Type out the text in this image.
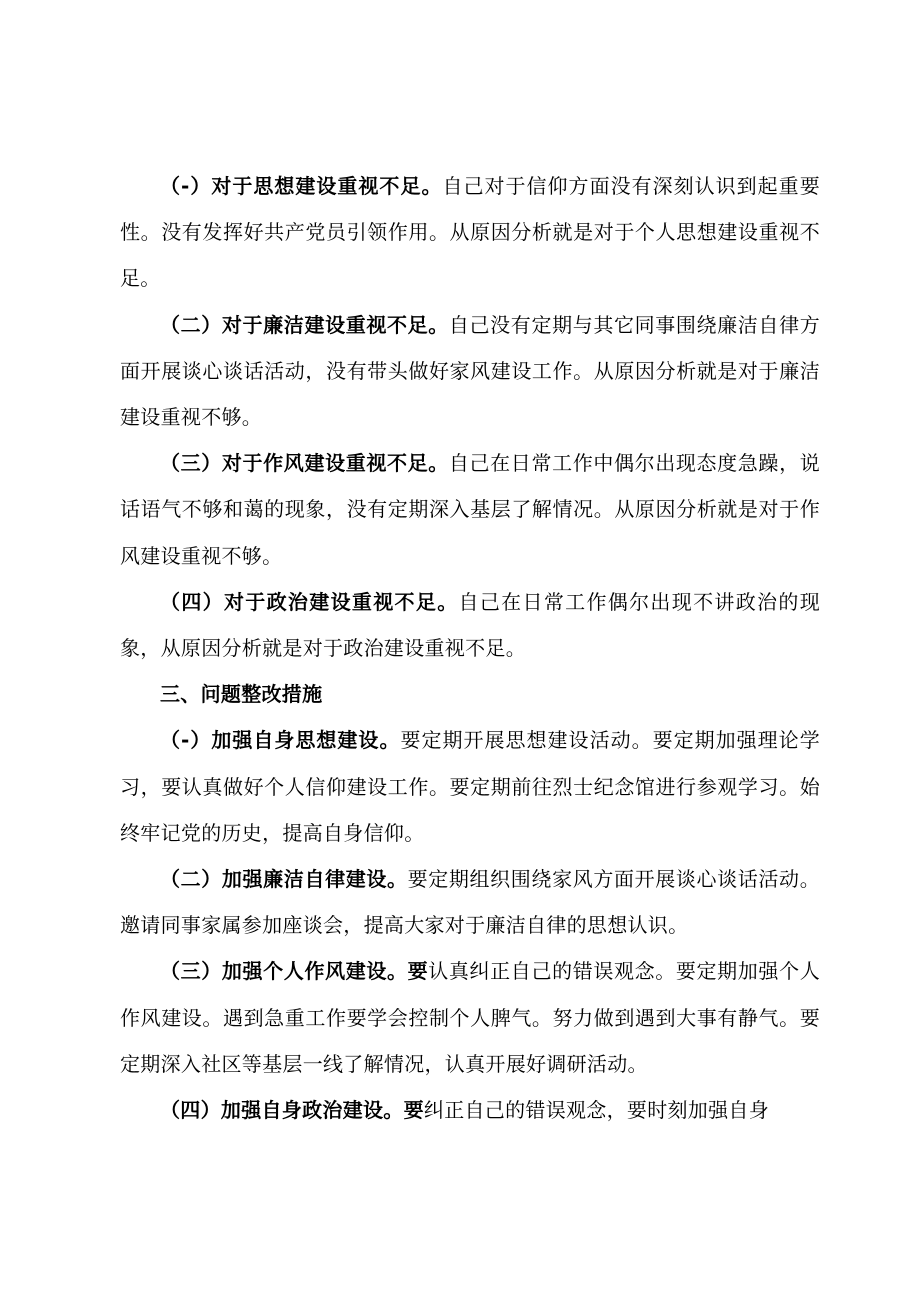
（-）对于思想建设重视不足。自己对于信仰方面没有深刻认识到起重要性。没有发挥好共产党员引领作用。从原因分析就是对于个人思想建设重视不足。

（二）对于廉洁建设重视不足。自己没有定期与其它同事围绕廉洁自律方面开展谈心谈话活动，没有带头做好家风建设工作。从原因分析就是对于廉洁建设重视不够。

（三）对于作风建设重视不足。自己在日常工作中偶尔出现态度急躁，说话语气不够和蔼的现象，没有定期深入基层了解情况。从原因分析就是对于作风建设重视不够。

（四）对于政治建设重视不足。自己在日常工作偶尔出现不讲政治的现象，从原因分析就是对于政治建设重视不足。

三、问题整改措施

（-）加强自身思想建设。要定期开展思想建设活动。要定期加强理论学习，要认真做好个人信仰建设工作。要定期前往烈士纪念馆进行参观学习。始终牢记党的历史，提高自身信仰。

（二）加强廉洁自律建设。要定期组织围绕家风方面开展谈心谈话活动。邀请同事家属参加座谈会，提高大家对于廉洁自律的思想认识。

（三）加强个人作风建设。要认真纠正自己的错误观念。要定期加强个人作风建设。遇到急重工作要学会控制个人脾气。努力做到遇到大事有静气。要定期深入社区等基层一线了解情况，认真开展好调研活动。

（四）加强自身政治建设。要纠正自己的错误观念，要时刻加强自身
